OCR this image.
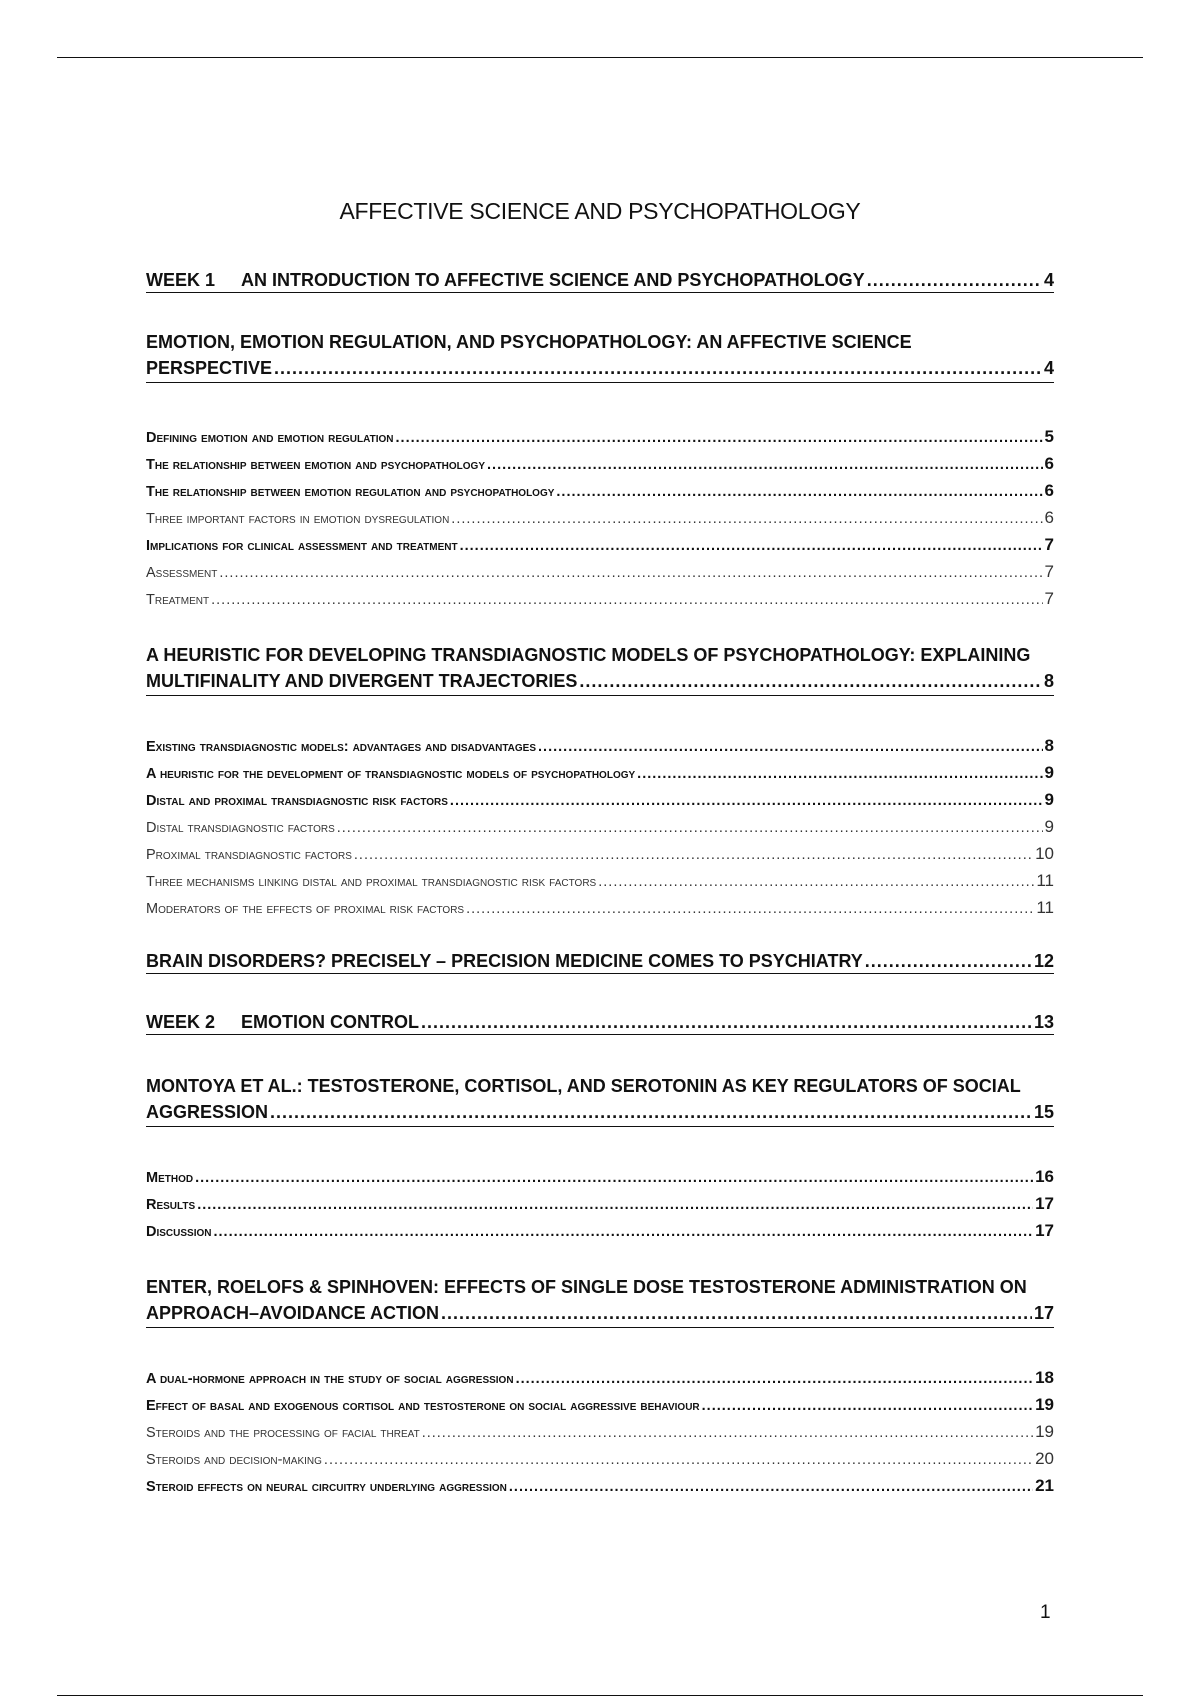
AFFECTIVE SCIENCE AND PSYCHOPATHOLOGY
WEEK 1 AN INTRODUCTION TO AFFECTIVE SCIENCE AND PSYCHOPATHOLOGY .....	4
EMOTION, EMOTION REGULATION, AND PSYCHOPATHOLOGY: AN AFFECTIVE SCIENCE
PERSPECTIVE .....	4
Defining emotion and emotion regulation .....	5
The relationship between emotion and psychopathology .....	6
The relationship between emotion regulation and psychopathology .....	6
Three important factors in emotion dysregulation .....	6
Implications for clinical assessment and treatment .....	7
Assessment .....	7
Treatment .....	7
A HEURISTIC FOR DEVELOPING TRANSDIAGNOSTIC MODELS OF PSYCHOPATHOLOGY: EXPLAINING
MULTIFINALITY AND DIVERGENT TRAJECTORIES .....	8
Existing transdiagnostic models: advantages and disadvantages .....	8
A heuristic for the development of transdiagnostic models of psychopathology .....	9
Distal and proximal transdiagnostic risk factors .....	9
Distal transdiagnostic factors .....	9
Proximal transdiagnostic factors .....	10
Three mechanisms linking distal and proximal transdiagnostic risk factors .....	11
Moderators of the effects of proximal risk factors .....	11
BRAIN DISORDERS? PRECISELY – PRECISION MEDICINE COMES TO PSYCHIATRY .....	12
WEEK 2 EMOTION CONTROL .....	13
MONTOYA ET AL.: TESTOSTERONE, CORTISOL, AND SEROTONIN AS KEY REGULATORS OF SOCIAL
AGGRESSION .....	15
Method .....	16
Results .....	17
Discussion .....	17
ENTER, ROELOFS & SPINHOVEN: EFFECTS OF SINGLE DOSE TESTOSTERONE ADMINISTRATION ON
APPROACH–AVOIDANCE ACTION .....	17
A dual-hormone approach in the study of social aggression .....	18
Effect of basal and exogenous cortisol and testosterone on social aggressive behaviour .....	19
Steroids and the processing of facial threat .....	19
Steroids and decision-making .....	20
Steroid effects on neural circuitry underlying aggression .....	21
1
